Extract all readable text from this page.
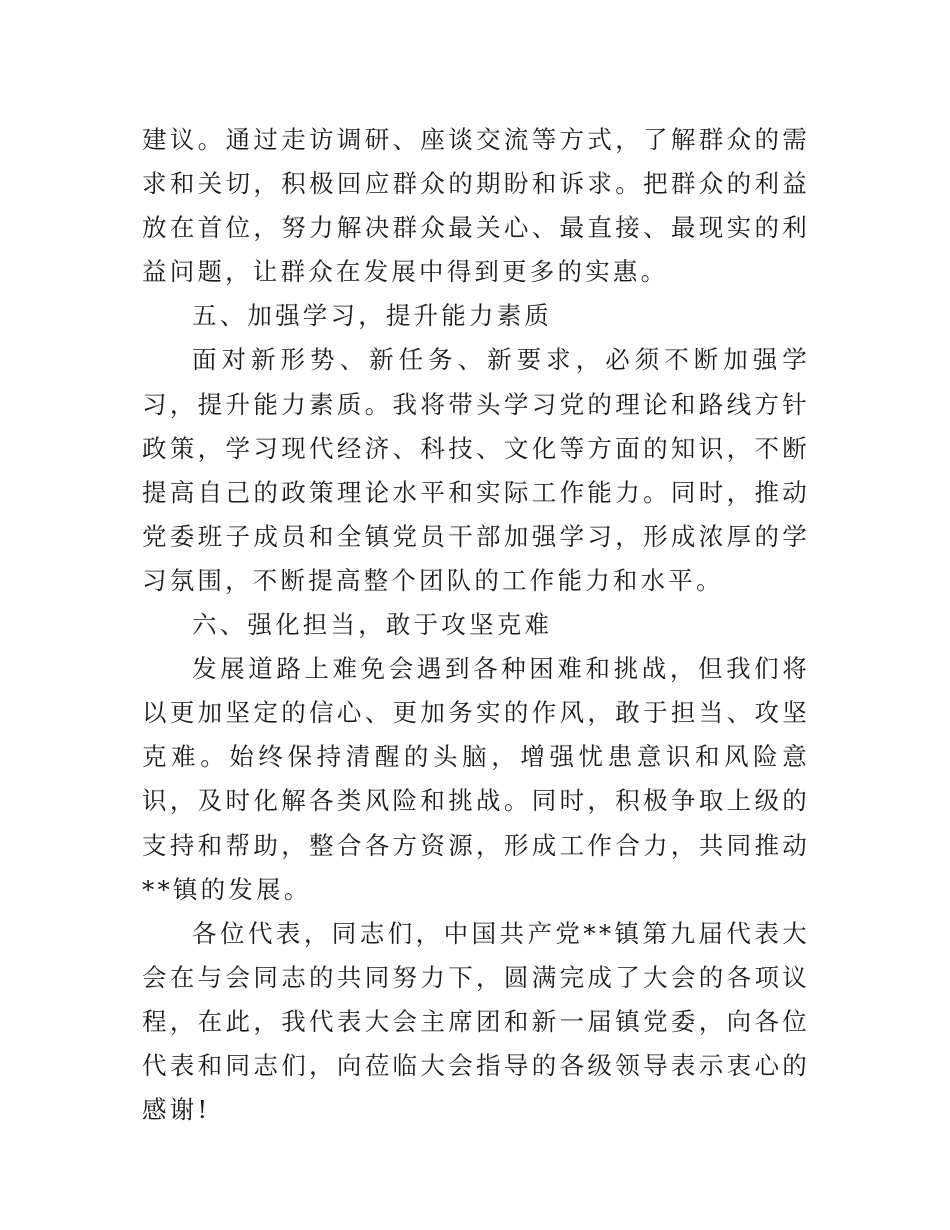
建议。通过走访调研、座谈交流等方式，了解群众的需求和关切，积极回应群众的期盼和诉求。把群众的利益放在首位，努力解决群众最关心、最直接、最现实的利益问题，让群众在发展中得到更多的实惠。

五、加强学习，提升能力素质

面对新形势、新任务、新要求，必须不断加强学习，提升能力素质。我将带头学习党的理论和路线方针政策，学习现代经济、科技、文化等方面的知识，不断提高自己的政策理论水平和实际工作能力。同时，推动党委班子成员和全镇党员干部加强学习，形成浓厚的学习氛围，不断提高整个团队的工作能力和水平。

六、强化担当，敢于攻坚克难

发展道路上难免会遇到各种困难和挑战，但我们将以更加坚定的信心、更加务实的作风，敢于担当、攻坚克难。始终保持清醒的头脑，增强忧患意识和风险意识，及时化解各类风险和挑战。同时，积极争取上级的支持和帮助，整合各方资源，形成工作合力，共同推动**镇的发展。

各位代表，同志们，中国共产党**镇第九届代表大会在与会同志的共同努力下，圆满完成了大会的各项议程，在此，我代表大会主席团和新一届镇党委，向各位代表和同志们，向莅临大会指导的各级领导表示衷心的感谢!
